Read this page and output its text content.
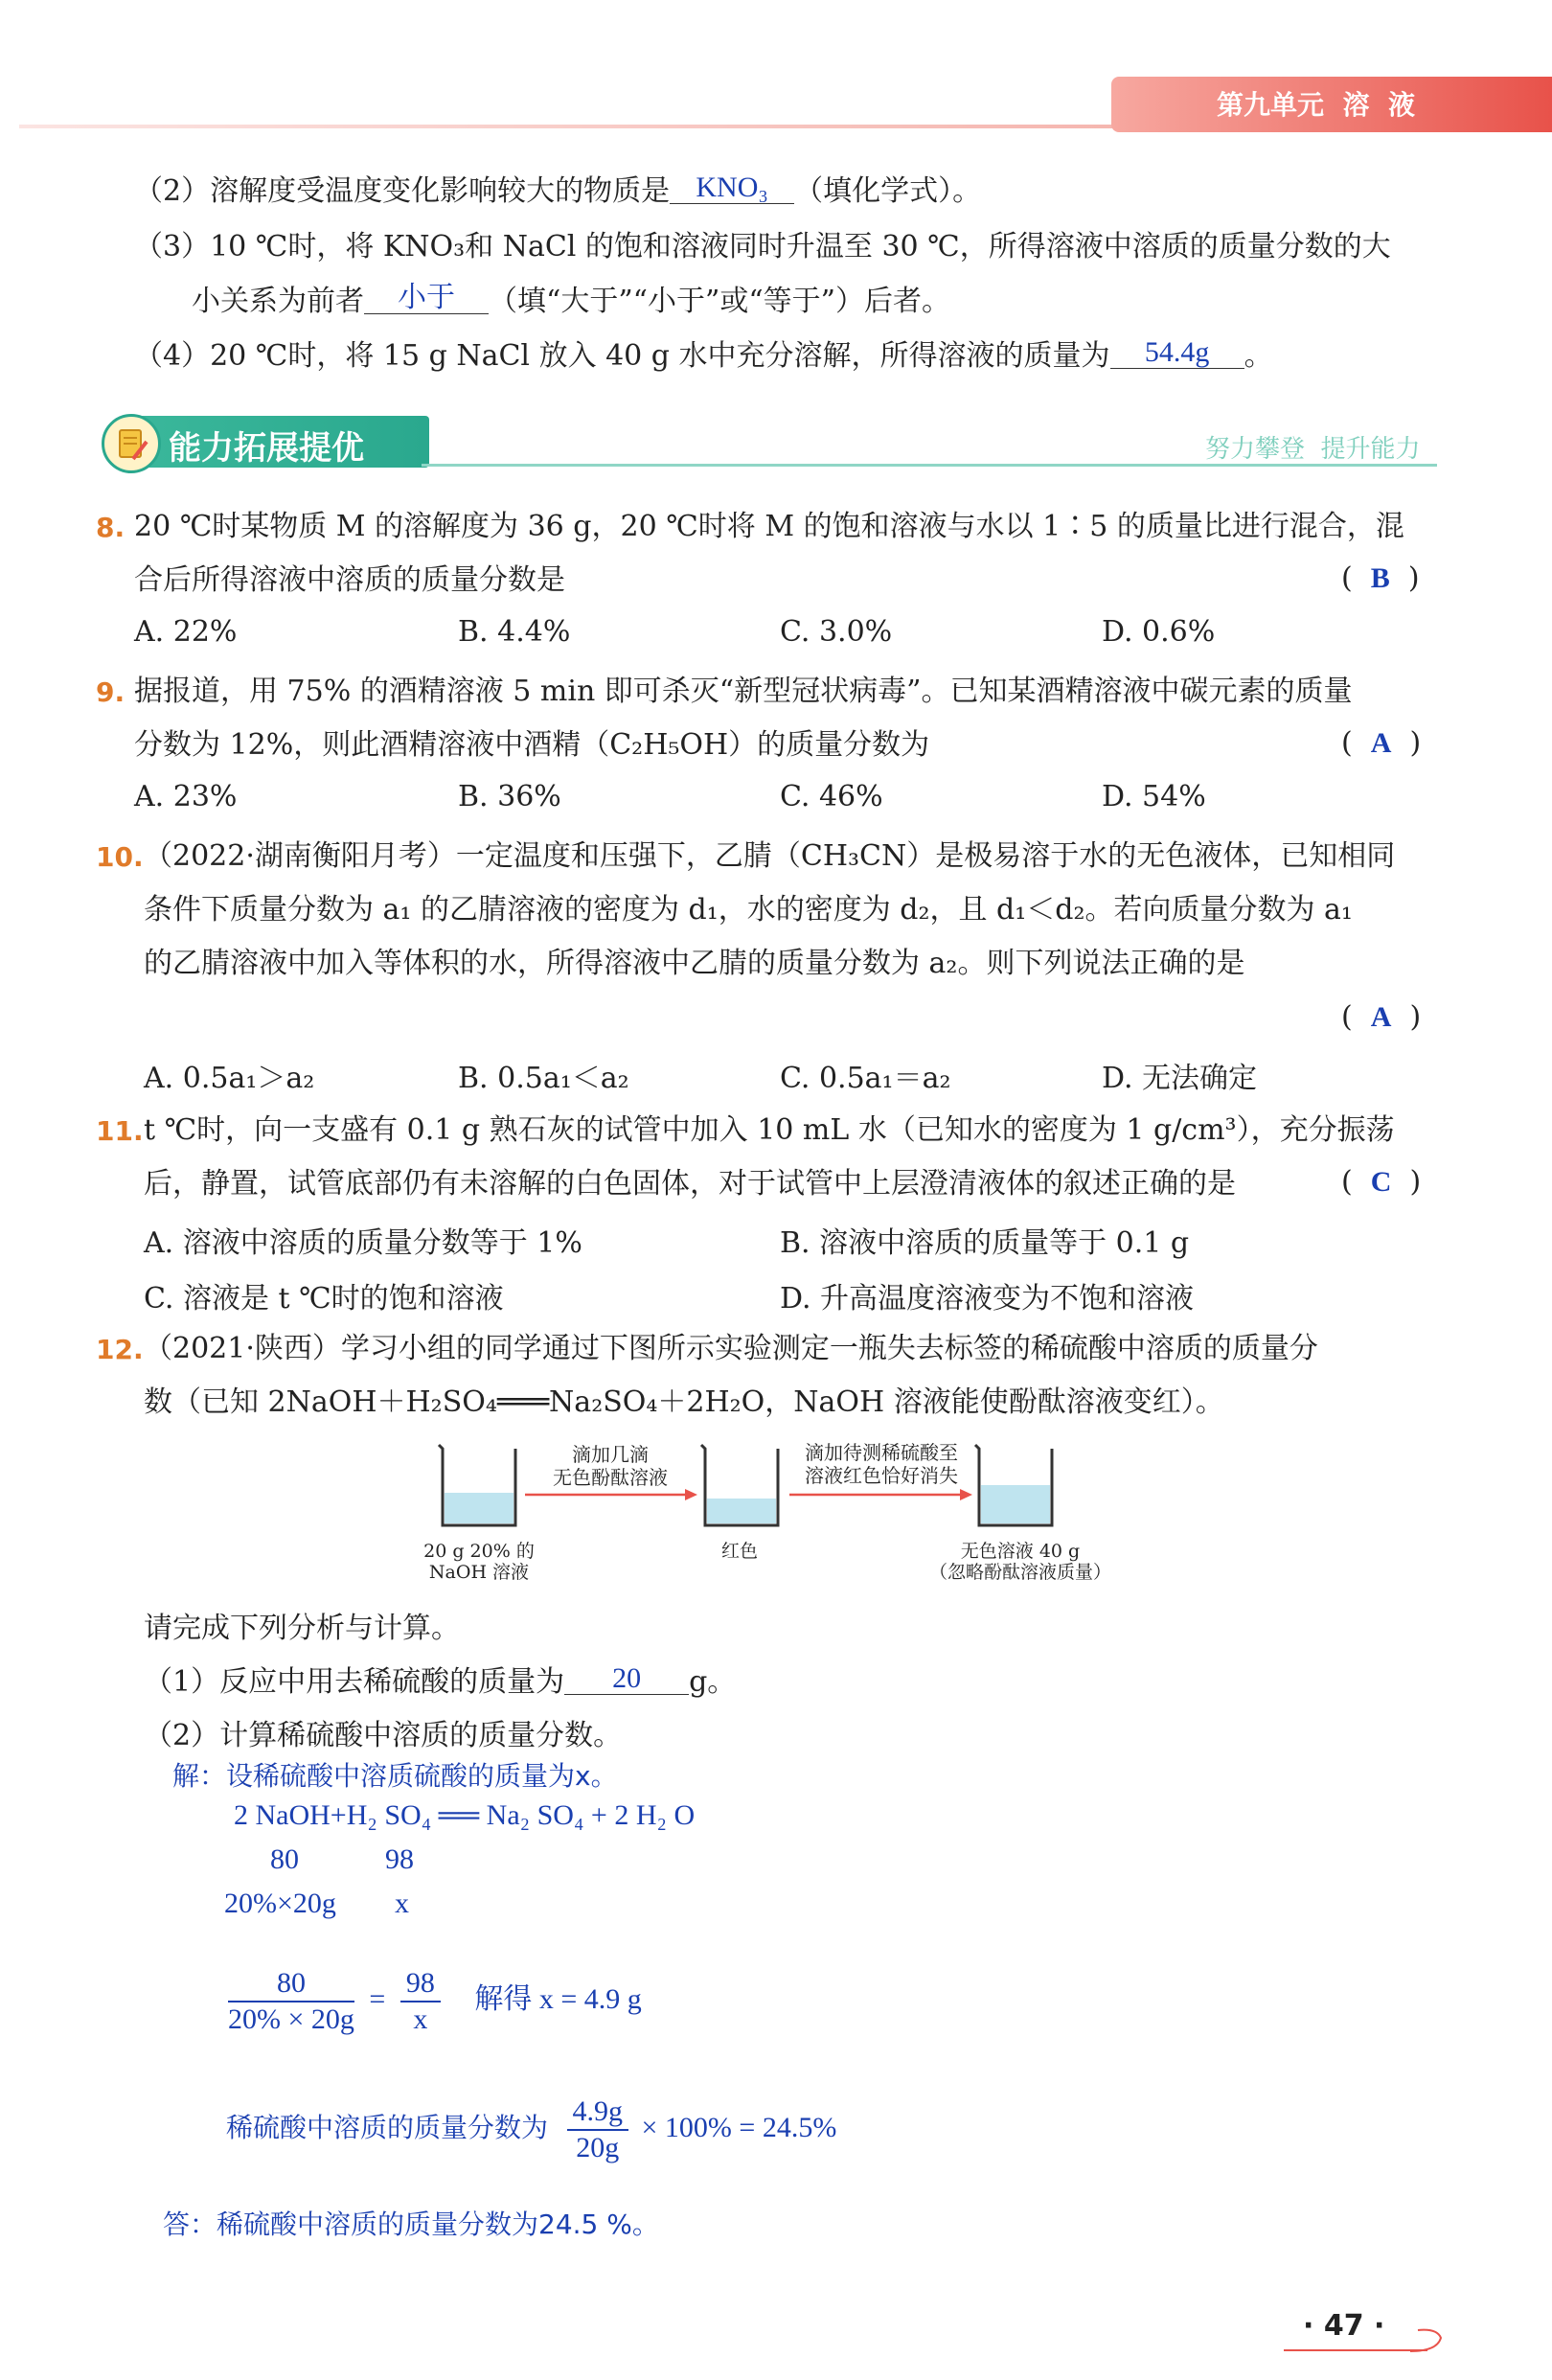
第九单元  溶  液
（2）溶解度受温度变化影响较大的物质是 KNO₃ （填化学式）。
（3）10 ℃时，将 KNO₃和 NaCl 的饱和溶液同时升温至 30 ℃，所得溶液中溶质的质量分数的大
小关系为前者 小于 （填“大于”“小于”或“等于”）后者。
（4）20 ℃时，将 15 g NaCl 放入 40 g 水中充分溶解，所得溶液的质量为 54.4g 。
能力拓展提优	努力攀登  提升能力
8. 20 ℃时某物质 M 的溶解度为 36 g，20 ℃时将 M 的饱和溶液与水以 1∶5 的质量比进行混合，混
合后所得溶液中溶质的质量分数是	(  B  )
A. 22%	B. 4.4%	C. 3.0%	D. 0.6%
9. 据报道，用 75% 的酒精溶液 5 min 即可杀灭“新型冠状病毒”。已知某酒精溶液中碳元素的质量
分数为 12%，则此酒精溶液中酒精（C₂H₅OH）的质量分数为	(  A  )
A. 23%	B. 36%	C. 46%	D. 54%
10. （2022·湖南衡阳月考）一定温度和压强下，乙腈（CH₃CN）是极易溶于水的无色液体，已知相同
条件下质量分数为 a₁ 的乙腈溶液的密度为 d₁，水的密度为 d₂，且 d₁＜d₂。若向质量分数为 a₁
的乙腈溶液中加入等体积的水，所得溶液中乙腈的质量分数为 a₂。则下列说法正确的是
(  A  )
A. 0.5a₁＞a₂	B. 0.5a₁＜a₂	C. 0.5a₁＝a₂	D. 无法确定
11. t ℃时，向一支盛有 0.1 g 熟石灰的试管中加入 10 mL 水（已知水的密度为 1 g/cm³），充分振荡
后，静置，试管底部仍有未溶解的白色固体，对于试管中上层澄清液体的叙述正确的是	(  C  )
A. 溶液中溶质的质量分数等于 1%	B. 溶液中溶质的质量等于 0.1 g
C. 溶液是 t ℃时的饱和溶液	D. 升高温度溶液变为不饱和溶液
12. （2021·陕西）学习小组的同学通过下图所示实验测定一瓶失去标签的稀硫酸中溶质的质量分
数（已知 2NaOH＋H₂SO₄═══Na₂SO₄＋2H₂O，NaOH 溶液能使酚酞溶液变红）。
滴加几滴
无色酚酞溶液
滴加待测稀硫酸至
溶液红色恰好消失
20 g 20% 的
NaOH 溶液
红色	无色溶液 40 g
（忽略酚酞溶液质量）
请完成下列分析与计算。
（1）反应中用去稀硫酸的质量为 20 g。
（2）计算稀硫酸中溶质的质量分数。
解：设稀硫酸中溶质硫酸的质量为x。
2 NaOH+H₂ SO₄ ══ Na₂ SO₄ + 2 H₂ O
80	98
20%×20g x
$\frac{80}{20\% \times 20g} = \frac{98}{x}$ 解得 x = 4.9 g
稀硫酸中溶质的质量分数为 $\frac{4.9g}{20g} \times 100\% = 24.5\%$
答：稀硫酸中溶质的质量分数为24.5 %。
· 47 ·
